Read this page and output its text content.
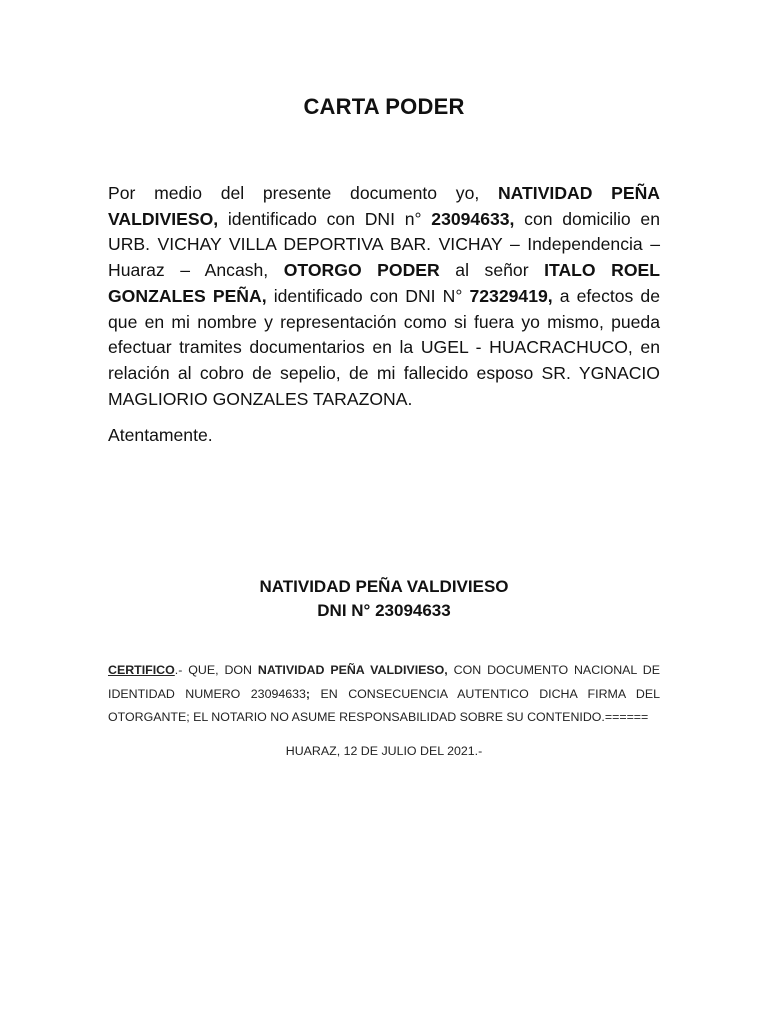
CARTA PODER
Por medio del presente documento yo, NATIVIDAD PEÑA VALDIVIESO, identificado con DNI n° 23094633, con domicilio en URB. VICHAY VILLA DEPORTIVA BAR. VICHAY – Independencia – Huaraz – Ancash, OTORGO PODER al señor ITALO ROEL GONZALES PEÑA, identificado con DNI N° 72329419, a efectos de que en mi nombre y representación como si fuera yo mismo, pueda efectuar tramites documentarios en la UGEL - HUACRACHUCO, en relación al cobro de sepelio, de mi fallecido esposo SR. YGNACIO MAGLIORIO GONZALES TARAZONA.
Atentamente.
NATIVIDAD PEÑA VALDIVIESO
DNI N° 23094633
CERTIFICO.- QUE, DON NATIVIDAD PEÑA VALDIVIESO, CON DOCUMENTO NACIONAL DE IDENTIDAD NUMERO 23094633; EN CONSECUENCIA AUTENTICO DICHA FIRMA DEL OTORGANTE; EL NOTARIO NO ASUME RESPONSABILIDAD SOBRE SU CONTENIDO.======
HUARAZ, 12 DE JULIO DEL 2021.-
